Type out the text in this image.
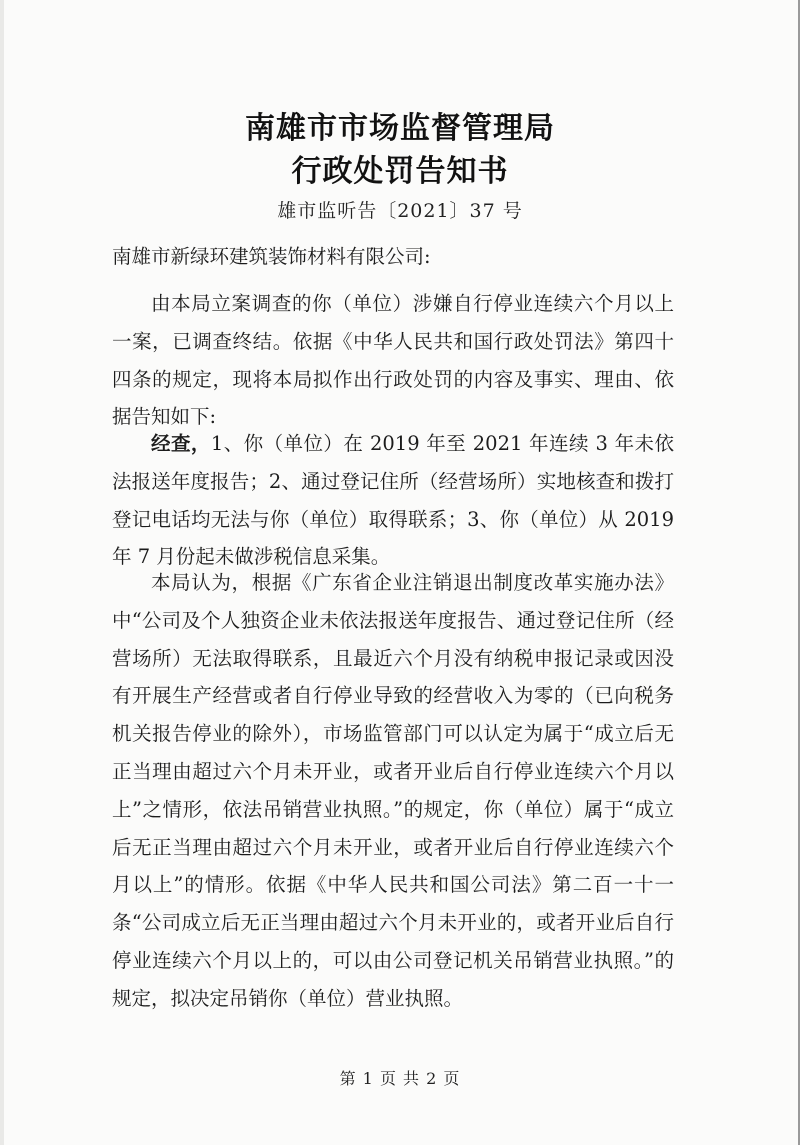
南雄市市场监督管理局
行政处罚告知书
雄市监听告〔2021〕37 号
南雄市新绿环建筑装饰材料有限公司:
由本局立案调查的你（单位）涉嫌自行停业连续六个月以上一案，已调查终结。依据《中华人民共和国行政处罚法》第四十四条的规定，现将本局拟作出行政处罚的内容及事实、理由、依据告知如下:
经查，1、你（单位）在 2019 年至 2021 年连续 3 年未依法报送年度报告；2、通过登记住所（经营场所）实地核查和拨打登记电话均无法与你（单位）取得联系；3、你（单位）从 2019 年 7 月份起未做涉税信息采集。
本局认为，根据《广东省企业注销退出制度改革实施办法》中“公司及个人独资企业未依法报送年度报告、通过登记住所（经营场所）无法取得联系，且最近六个月没有纳税申报记录或因没有开展生产经营或者自行停业导致的经营收入为零的（已向税务机关报告停业的除外），市场监管部门可以认定为属于“成立后无正当理由超过六个月未开业，或者开业后自行停业连续六个月以上”之情形，依法吊销营业执照。”的规定，你（单位）属于“成立后无正当理由超过六个月未开业，或者开业后自行停业连续六个月以上”的情形。依据《中华人民共和国公司法》第二百一十一条“公司成立后无正当理由超过六个月未开业的，或者开业后自行停业连续六个月以上的，可以由公司登记机关吊销营业执照。”的规定，拟决定吊销你（单位）营业执照。
第 1 页 共 2 页
